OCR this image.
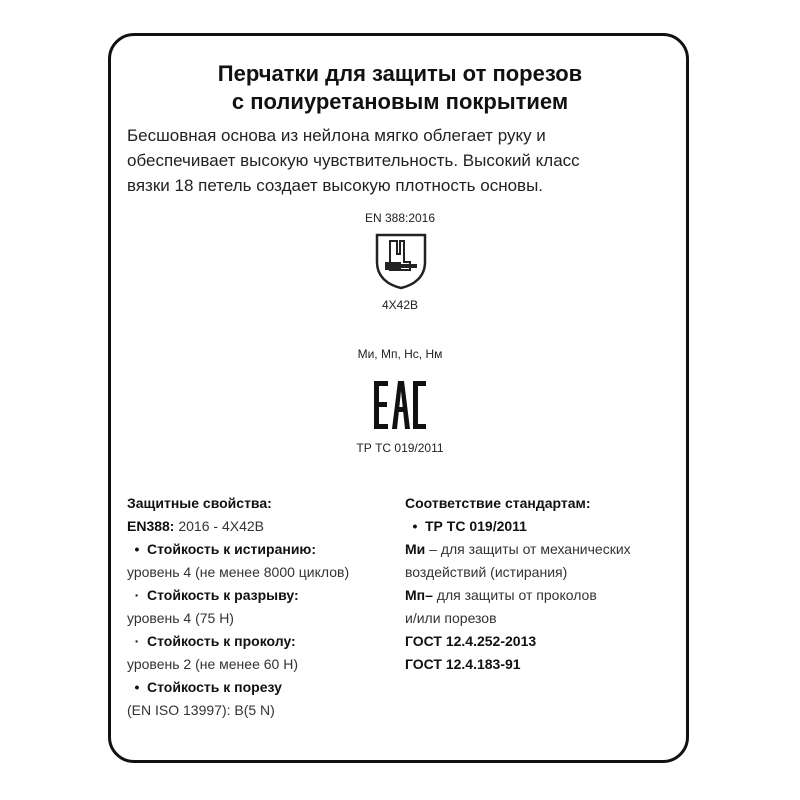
Перчатки для защиты от порезов
с полиуретановым покрытием
Бесшовная основа из нейлона мягко облегает руку и
обеспечивает высокую чувствительность. Высокий класс
вязки 18 петель создает высокую плотность основы.
EN 388:2016
4X42B
Ми, Мп, Нс, Нм
ТР ТС 019/2011
Защитные свойства:
EN388: 2016 - 4X42B
• Стойкость к истиранию:
уровень 4 (не менее 8000 циклов)
· Стойкость к разрыву:
уровень 4 (75 Н)
· Стойкость к проколу:
уровень 2 (не менее 60 Н)
• Стойкость к порезу
(EN ISO 13997): B(5 N)
Соответствие стандартам:
• ТР ТС 019/2011
Ми – для защиты от механических
воздействий (истирания)
Мп– для защиты от проколов
и/или порезов
ГОСТ 12.4.252-2013
ГОСТ 12.4.183-91
